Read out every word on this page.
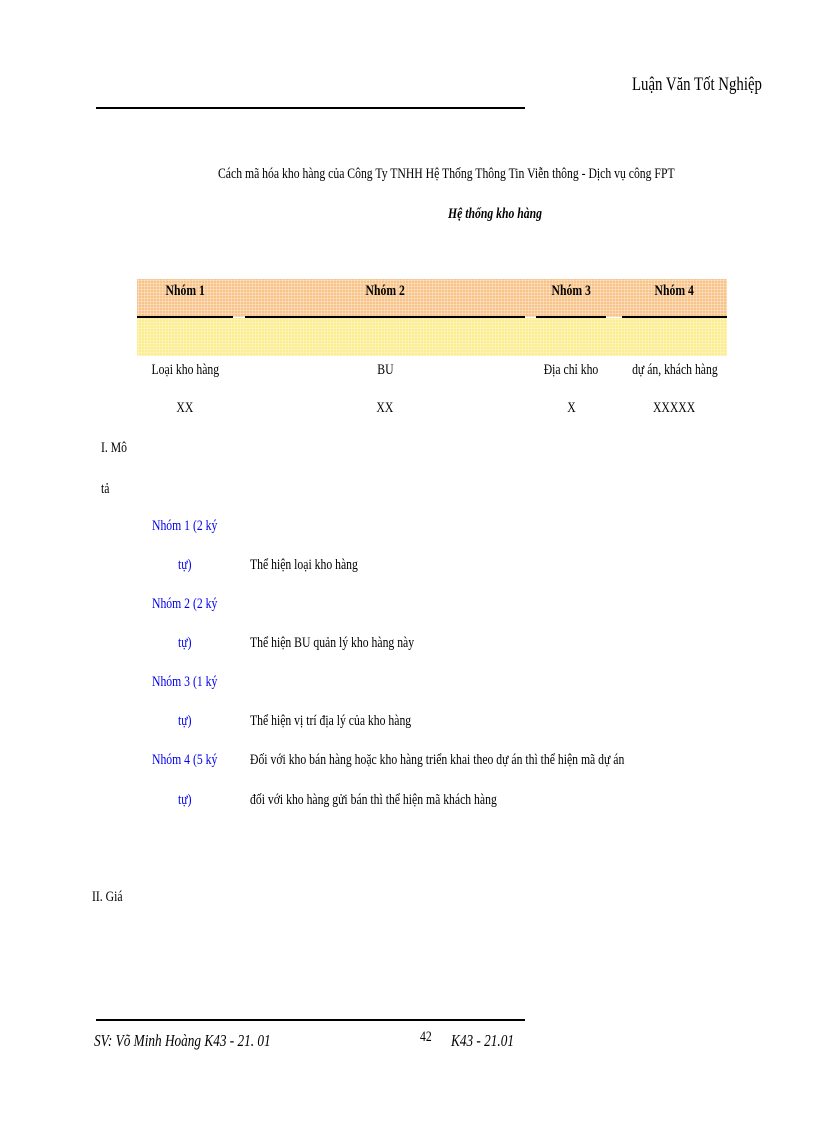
Luận Văn Tốt Nghiệp
Cách mã hóa kho hàng của Công Ty TNHH Hệ Thống Thông Tin Viễn thông - Dịch vụ công FPT
Hệ thống kho hàng
Nhóm 1	Nhóm 2	Nhóm 3	Nhóm 4
Loại kho hàng	BU	Địa chỉ kho	dự án, khách hàng
XX	XX	X	XXXXX
I. Mô
tả
Nhóm 1 (2 ký
tự)	Thể hiện loại kho hàng
Nhóm 2 (2 ký
tự)	Thể hiện BU quản lý kho hàng này
Nhóm 3 (1 ký
tự)	Thể hiện vị trí địa lý của kho hàng
Nhóm 4 (5 ký	Đối với kho bán hàng hoặc kho hàng triển khai theo dự án thì thể hiện mã dự án
tự)	đối với kho hàng gửi bán thì thể hiện mã khách hàng
II. Giá
SV: Võ Minh Hoàng K43 - 21. 01	42 K43 - 21.01
